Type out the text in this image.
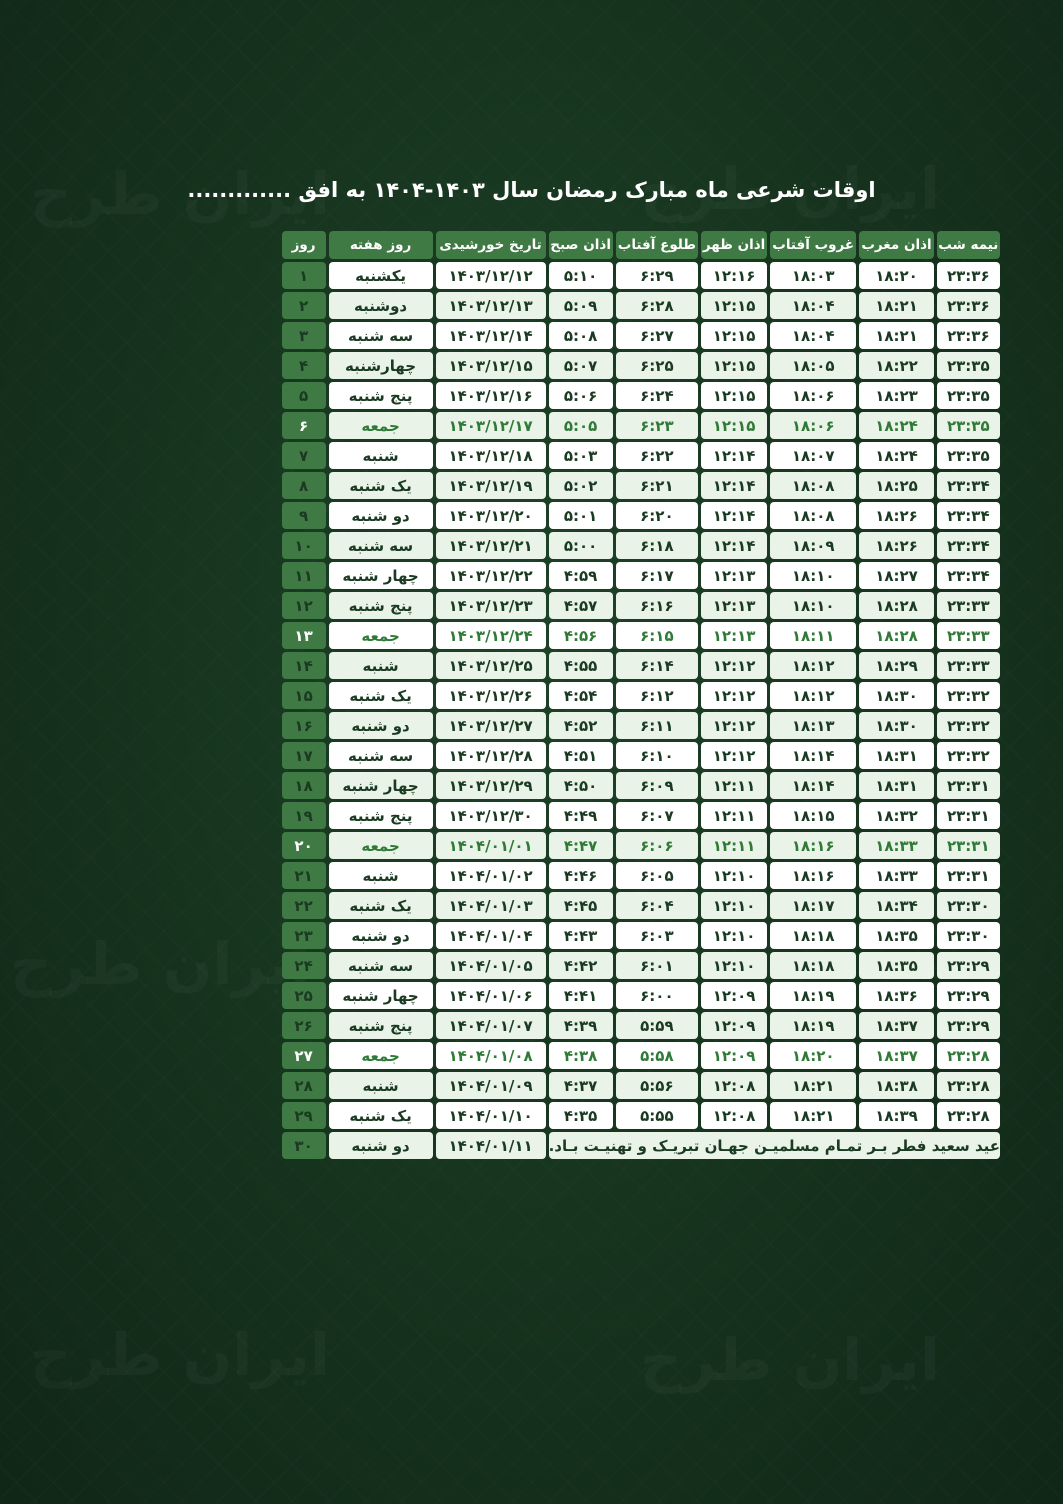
اوقات شرعی ماه مبارک رمضان سال ۱۴۰۳-۱۴۰۴ به افق .............
نیمه شب	اذان مغرب	غروب آفتاب	اذان ظهر	طلوع آفتاب	اذان صبح	تاریخ خورشیدی	روز هفته	روز
۲۳:۳۶	۱۸:۲۰	۱۸:۰۳	۱۲:۱۶	۶:۲۹	۵:۱۰	۱۴۰۳/۱۲/۱۲	یکشنبه	۱
۲۳:۳۶	۱۸:۲۱	۱۸:۰۴	۱۲:۱۵	۶:۲۸	۵:۰۹	۱۴۰۳/۱۲/۱۳	دوشنبه	۲
۲۳:۳۶	۱۸:۲۱	۱۸:۰۴	۱۲:۱۵	۶:۲۷	۵:۰۸	۱۴۰۳/۱۲/۱۴	سه شنبه	۳
۲۳:۳۵	۱۸:۲۲	۱۸:۰۵	۱۲:۱۵	۶:۲۵	۵:۰۷	۱۴۰۳/۱۲/۱۵	چهارشنبه	۴
۲۳:۳۵	۱۸:۲۳	۱۸:۰۶	۱۲:۱۵	۶:۲۴	۵:۰۶	۱۴۰۳/۱۲/۱۶	پنج شنبه	۵
۲۳:۳۵	۱۸:۲۴	۱۸:۰۶	۱۲:۱۵	۶:۲۳	۵:۰۵	۱۴۰۳/۱۲/۱۷	جمعه	۶
۲۳:۳۵	۱۸:۲۴	۱۸:۰۷	۱۲:۱۴	۶:۲۲	۵:۰۳	۱۴۰۳/۱۲/۱۸	شنبه	۷
۲۳:۳۴	۱۸:۲۵	۱۸:۰۸	۱۲:۱۴	۶:۲۱	۵:۰۲	۱۴۰۳/۱۲/۱۹	یک شنبه	۸
۲۳:۳۴	۱۸:۲۶	۱۸:۰۸	۱۲:۱۴	۶:۲۰	۵:۰۱	۱۴۰۳/۱۲/۲۰	دو شنبه	۹
۲۳:۳۴	۱۸:۲۶	۱۸:۰۹	۱۲:۱۴	۶:۱۸	۵:۰۰	۱۴۰۳/۱۲/۲۱	سه شنبه	۱۰
۲۳:۳۴	۱۸:۲۷	۱۸:۱۰	۱۲:۱۳	۶:۱۷	۴:۵۹	۱۴۰۳/۱۲/۲۲	چهار شنبه	۱۱
۲۳:۳۳	۱۸:۲۸	۱۸:۱۰	۱۲:۱۳	۶:۱۶	۴:۵۷	۱۴۰۳/۱۲/۲۳	پنج شنبه	۱۲
۲۳:۳۳	۱۸:۲۸	۱۸:۱۱	۱۲:۱۳	۶:۱۵	۴:۵۶	۱۴۰۳/۱۲/۲۴	جمعه	۱۳
۲۳:۳۳	۱۸:۲۹	۱۸:۱۲	۱۲:۱۲	۶:۱۴	۴:۵۵	۱۴۰۳/۱۲/۲۵	شنبه	۱۴
۲۳:۳۲	۱۸:۳۰	۱۸:۱۲	۱۲:۱۲	۶:۱۲	۴:۵۴	۱۴۰۳/۱۲/۲۶	یک شنبه	۱۵
۲۳:۳۲	۱۸:۳۰	۱۸:۱۳	۱۲:۱۲	۶:۱۱	۴:۵۲	۱۴۰۳/۱۲/۲۷	دو شنبه	۱۶
۲۳:۳۲	۱۸:۳۱	۱۸:۱۴	۱۲:۱۲	۶:۱۰	۴:۵۱	۱۴۰۳/۱۲/۲۸	سه شنبه	۱۷
۲۳:۳۱	۱۸:۳۱	۱۸:۱۴	۱۲:۱۱	۶:۰۹	۴:۵۰	۱۴۰۳/۱۲/۲۹	چهار شنبه	۱۸
۲۳:۳۱	۱۸:۳۲	۱۸:۱۵	۱۲:۱۱	۶:۰۷	۴:۴۹	۱۴۰۳/۱۲/۳۰	پنج شنبه	۱۹
۲۳:۳۱	۱۸:۳۳	۱۸:۱۶	۱۲:۱۱	۶:۰۶	۴:۴۷	۱۴۰۴/۰۱/۰۱	جمعه	۲۰
۲۳:۳۱	۱۸:۳۳	۱۸:۱۶	۱۲:۱۰	۶:۰۵	۴:۴۶	۱۴۰۴/۰۱/۰۲	شنبه	۲۱
۲۳:۳۰	۱۸:۳۴	۱۸:۱۷	۱۲:۱۰	۶:۰۴	۴:۴۵	۱۴۰۴/۰۱/۰۳	یک شنبه	۲۲
۲۳:۳۰	۱۸:۳۵	۱۸:۱۸	۱۲:۱۰	۶:۰۳	۴:۴۳	۱۴۰۴/۰۱/۰۴	دو شنبه	۲۳
۲۳:۲۹	۱۸:۳۵	۱۸:۱۸	۱۲:۱۰	۶:۰۱	۴:۴۲	۱۴۰۴/۰۱/۰۵	سه شنبه	۲۴
۲۳:۲۹	۱۸:۳۶	۱۸:۱۹	۱۲:۰۹	۶:۰۰	۴:۴۱	۱۴۰۴/۰۱/۰۶	چهار شنبه	۲۵
۲۳:۲۹	۱۸:۳۷	۱۸:۱۹	۱۲:۰۹	۵:۵۹	۴:۳۹	۱۴۰۴/۰۱/۰۷	پنج شنبه	۲۶
۲۳:۲۸	۱۸:۳۷	۱۸:۲۰	۱۲:۰۹	۵:۵۸	۴:۳۸	۱۴۰۴/۰۱/۰۸	جمعه	۲۷
۲۳:۲۸	۱۸:۳۸	۱۸:۲۱	۱۲:۰۸	۵:۵۶	۴:۳۷	۱۴۰۴/۰۱/۰۹	شنبه	۲۸
۲۳:۲۸	۱۸:۳۹	۱۸:۲۱	۱۲:۰۸	۵:۵۵	۴:۳۵	۱۴۰۴/۰۱/۱۰	یک شنبه	۲۹
عید سعید فطر بـر تمـام مسلمیـن جهـان تبریـک و تهنیـت بـاد.						۱۴۰۴/۰۱/۱۱	دو شنبه	۳۰
